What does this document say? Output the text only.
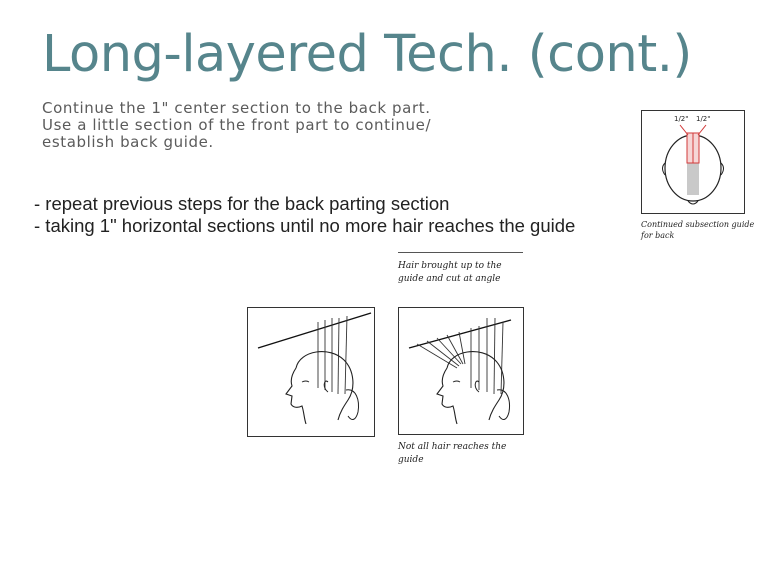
Long-layered Tech. (cont.)
Continue the 1" center section to the back part.
Use a little section of the front part to continue/
establish back guide.
- repeat previous steps for the back parting section
- taking 1" horizontal sections until no more hair reaches the guide
1/2" 1/2"
Continued subsection guide
for back
Hair brought up to the
guide and cut at angle
Not all hair reaches the
guide
